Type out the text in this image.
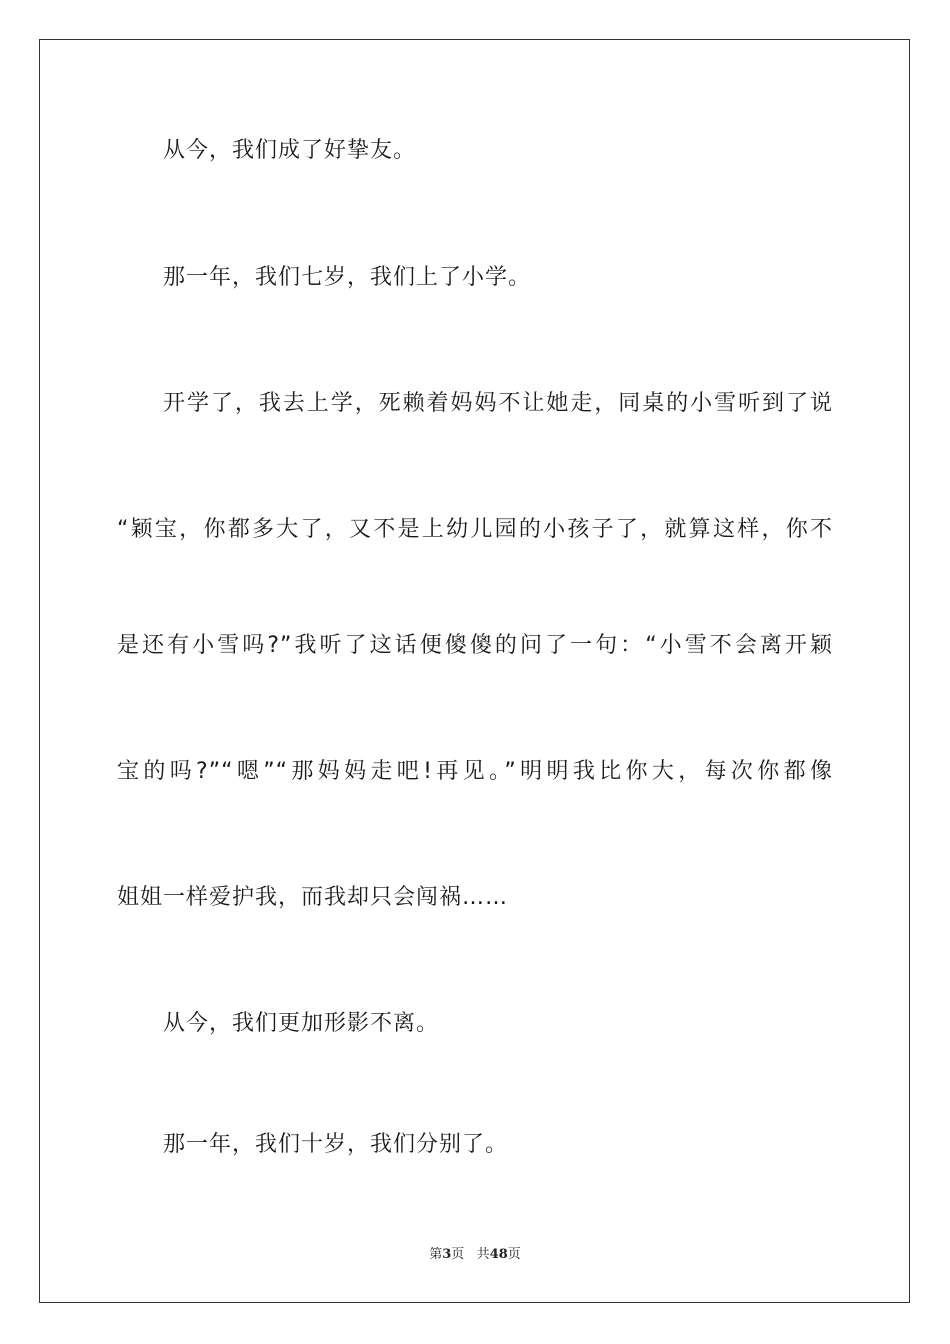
从今，我们成了好挚友。
那一年，我们七岁，我们上了小学。
开学了，我去上学，死赖着妈妈不让她走，同桌的小雪听到了说
“颖宝，你都多大了，又不是上幼儿园的小孩子了，就算这样，你不
是还有小雪吗?”我听了这话便傻傻的问了一句：“小雪不会离开颖
宝的吗?”“嗯”“那妈妈走吧!再见。”明明我比你大，每次你都像
姐姐一样爱护我，而我却只会闯祸……
从今，我们更加形影不离。
那一年，我们十岁，我们分别了。
第3页 共48页
